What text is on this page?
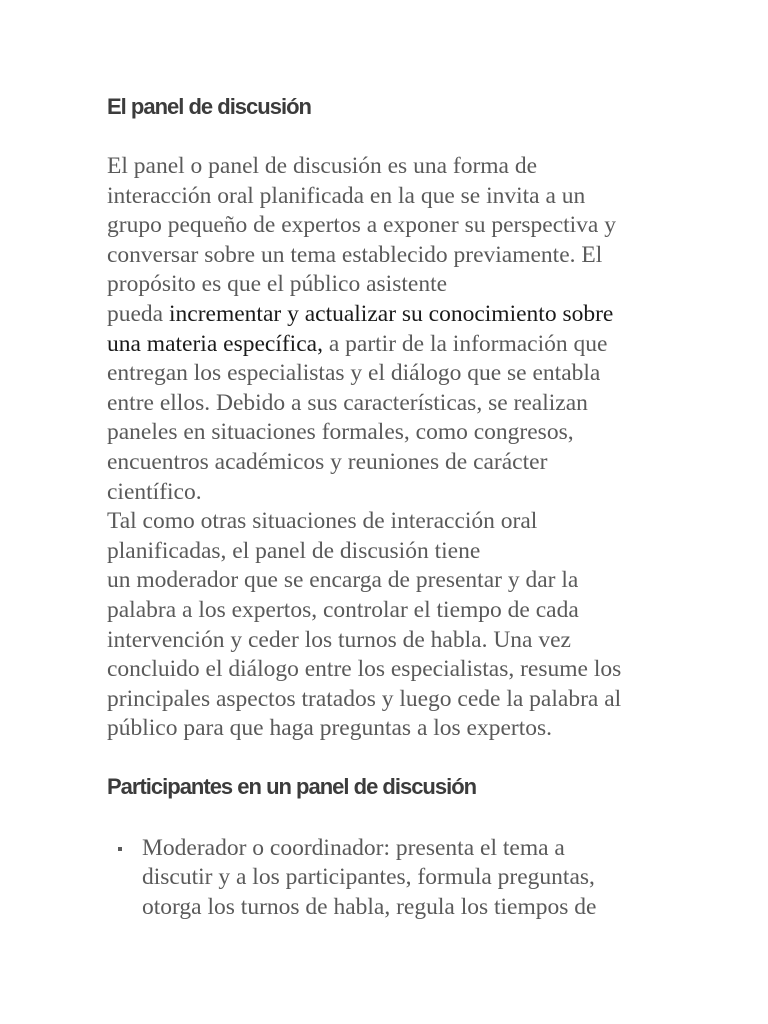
El panel de discusión

El panel o panel de discusión es una forma de
interacción oral planificada en la que se invita a un
grupo pequeño de expertos a exponer su perspectiva y
conversar sobre un tema establecido previamente. El
propósito es que el público asistente
pueda incrementar y actualizar su conocimiento sobre
una materia específica, a partir de la información que
entregan los especialistas y el diálogo que se entabla
entre ellos. Debido a sus características, se realizan
paneles en situaciones formales, como congresos,
encuentros académicos y reuniones de carácter
científico.

Tal como otras situaciones de interacción oral
planificadas, el panel de discusión tiene
un moderador que se encarga de presentar y dar la
palabra a los expertos, controlar el tiempo de cada
intervención y ceder los turnos de habla. Una vez
concluido el diálogo entre los especialistas, resume los
principales aspectos tratados y luego cede la palabra al
público para que haga preguntas a los expertos.

Participantes en un panel de discusión
Moderador o coordinador: presenta el tema a
discutir y a los participantes, formula preguntas,
otorga los turnos de habla, regula los tiempos de
